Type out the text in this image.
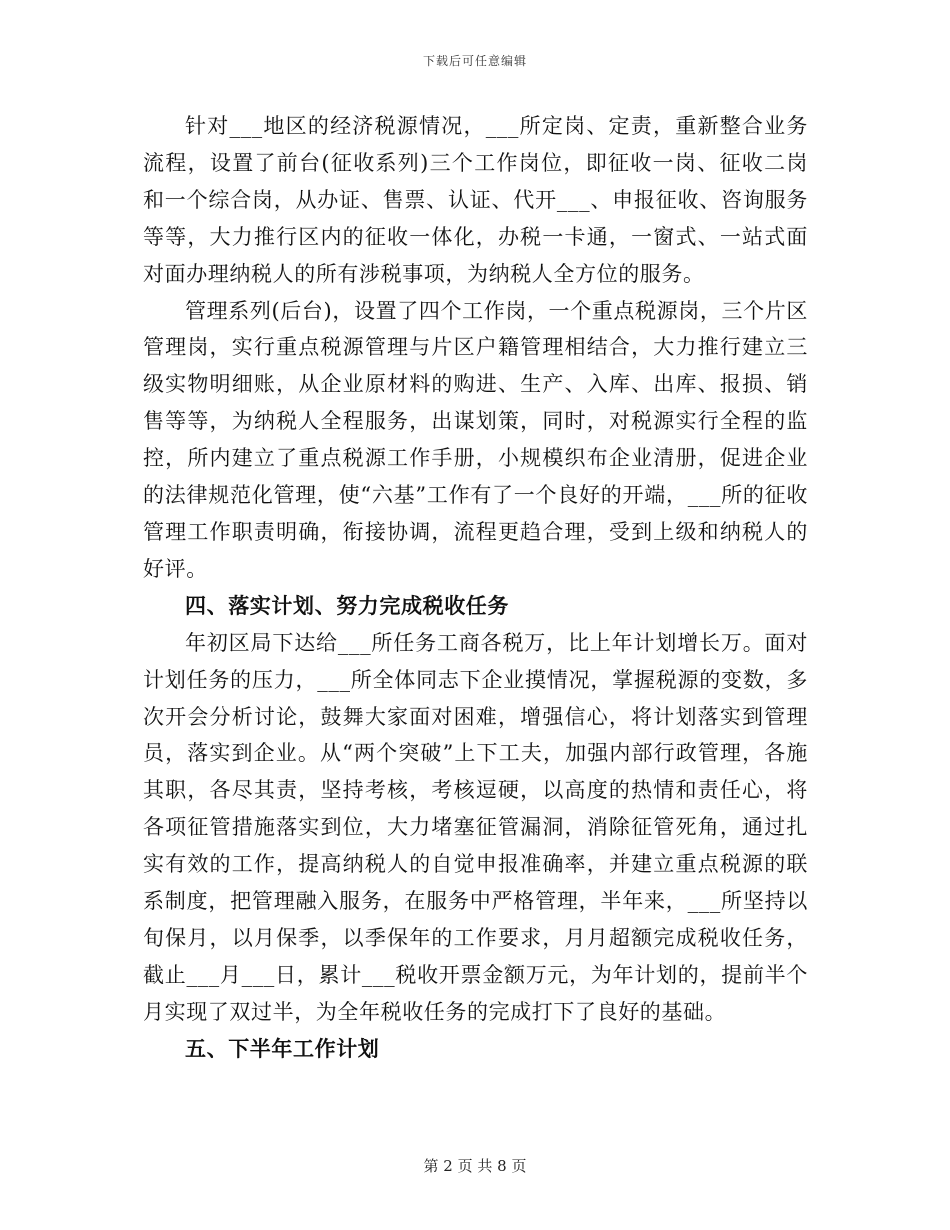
下载后可任意编辑

针对___地区的经济税源情况，___所定岗、定责，重新整合业务流程，设置了前台(征收系列)三个工作岗位，即征收一岗、征收二岗和一个综合岗，从办证、售票、认证、代开___、申报征收、咨询服务等等，大力推行区内的征收一体化，办税一卡通，一窗式、一站式面对面办理纳税人的所有涉税事项，为纳税人全方位的服务。

管理系列(后台)，设置了四个工作岗，一个重点税源岗，三个片区管理岗，实行重点税源管理与片区户籍管理相结合，大力推行建立三级实物明细账，从企业原材料的购进、生产、入库、出库、报损、销售等等，为纳税人全程服务，出谋划策，同时，对税源实行全程的监控，所内建立了重点税源工作手册，小规模织布企业清册，促进企业的法律规范化管理，使“六基”工作有了一个良好的开端，___所的征收管理工作职责明确，衔接协调，流程更趋合理，受到上级和纳税人的好评。

四、落实计划、努力完成税收任务

年初区局下达给___所任务工商各税万，比上年计划增长万。面对计划任务的压力，___所全体同志下企业摸情况，掌握税源的变数，多次开会分析讨论，鼓舞大家面对困难，增强信心，将计划落实到管理员，落实到企业。从“两个突破”上下工夫，加强内部行政管理，各施其职，各尽其责，坚持考核，考核逗硬，以高度的热情和责任心，将各项征管措施落实到位，大力堵塞征管漏洞，消除征管死角，通过扎实有效的工作，提高纳税人的自觉申报准确率，并建立重点税源的联系制度，把管理融入服务，在服务中严格管理，半年来，___所坚持以旬保月，以月保季，以季保年的工作要求，月月超额完成税收任务，截止___月___日，累计___税收开票金额万元，为年计划的，提前半个月实现了双过半，为全年税收任务的完成打下了良好的基础。

五、下半年工作计划

第 2 页 共 8 页
